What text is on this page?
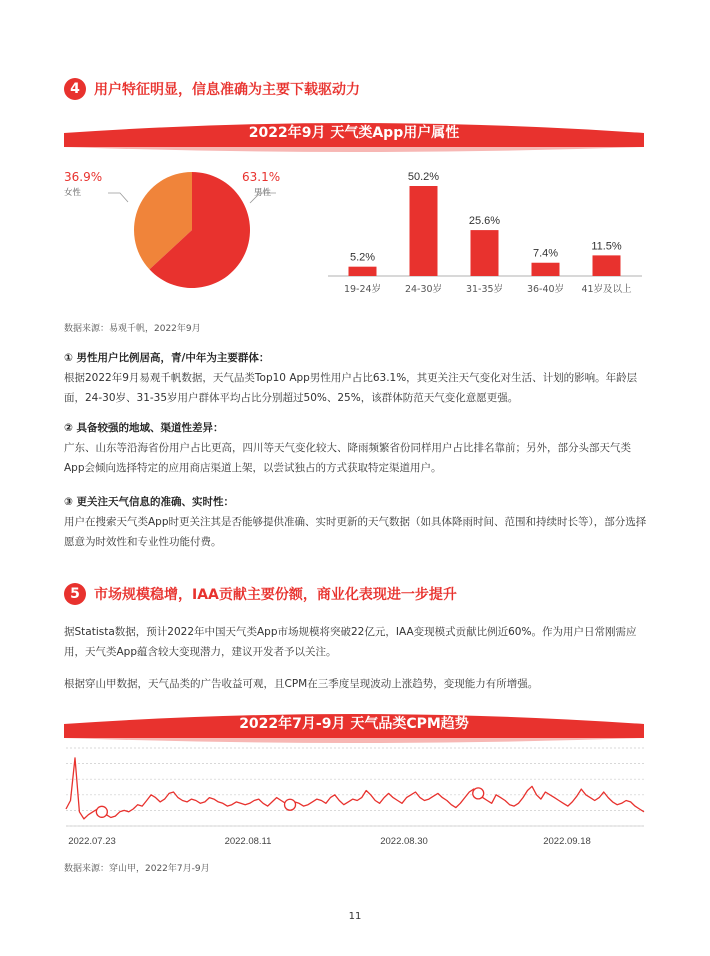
4	用户特征明显，信息准确为主要下载驱动力
2022年9月 天气类App用户属性
36.9%
女性
63.1%
男性
5.2%
19-24岁
50.2%
24-30岁
25.6%
31-35岁
7.4%
36-40岁
11.5%
41岁及以上
数据来源：易观千帆，2022年9月
① 男性用户比例居高，青/中年为主要群体：
根据2022年9月易观千帆数据，天气品类Top10 App男性用户占比63.1%，其更关注天气变化对生活、计划的影响。年龄层面，24-30岁、31-35岁用户群体平均占比分别超过50%、25%，该群体防范天气变化意愿更强。
② 具备较强的地域、渠道性差异：
广东、山东等沿海省份用户占比更高，四川等天气变化较大、降雨频繁省份同样用户占比排名靠前；另外，部分头部天气类App会倾向选择特定的应用商店渠道上架，以尝试独占的方式获取特定渠道用户。
③ 更关注天气信息的准确、实时性：
用户在搜索天气类App时更关注其是否能够提供准确、实时更新的天气数据（如具体降雨时间、范围和持续时长等），部分选择愿意为时效性和专业性功能付费。
5	市场规模稳增，IAA贡献主要份额，商业化表现进一步提升
据Statista数据，预计2022年中国天气类App市场规模将突破22亿元，IAA变现模式贡献比例近60%。作为用户日常刚需应用，天气类App蕴含较大变现潜力，建议开发者予以关注。
根据穿山甲数据，天气品类的广告收益可观，且CPM在三季度呈现波动上涨趋势，变现能力有所增强。
2022年7月-9月 天气品类CPM趋势
2022.07.23	2022.08.11	2022.08.30	2022.09.18
数据来源：穿山甲，2022年7月-9月
11
